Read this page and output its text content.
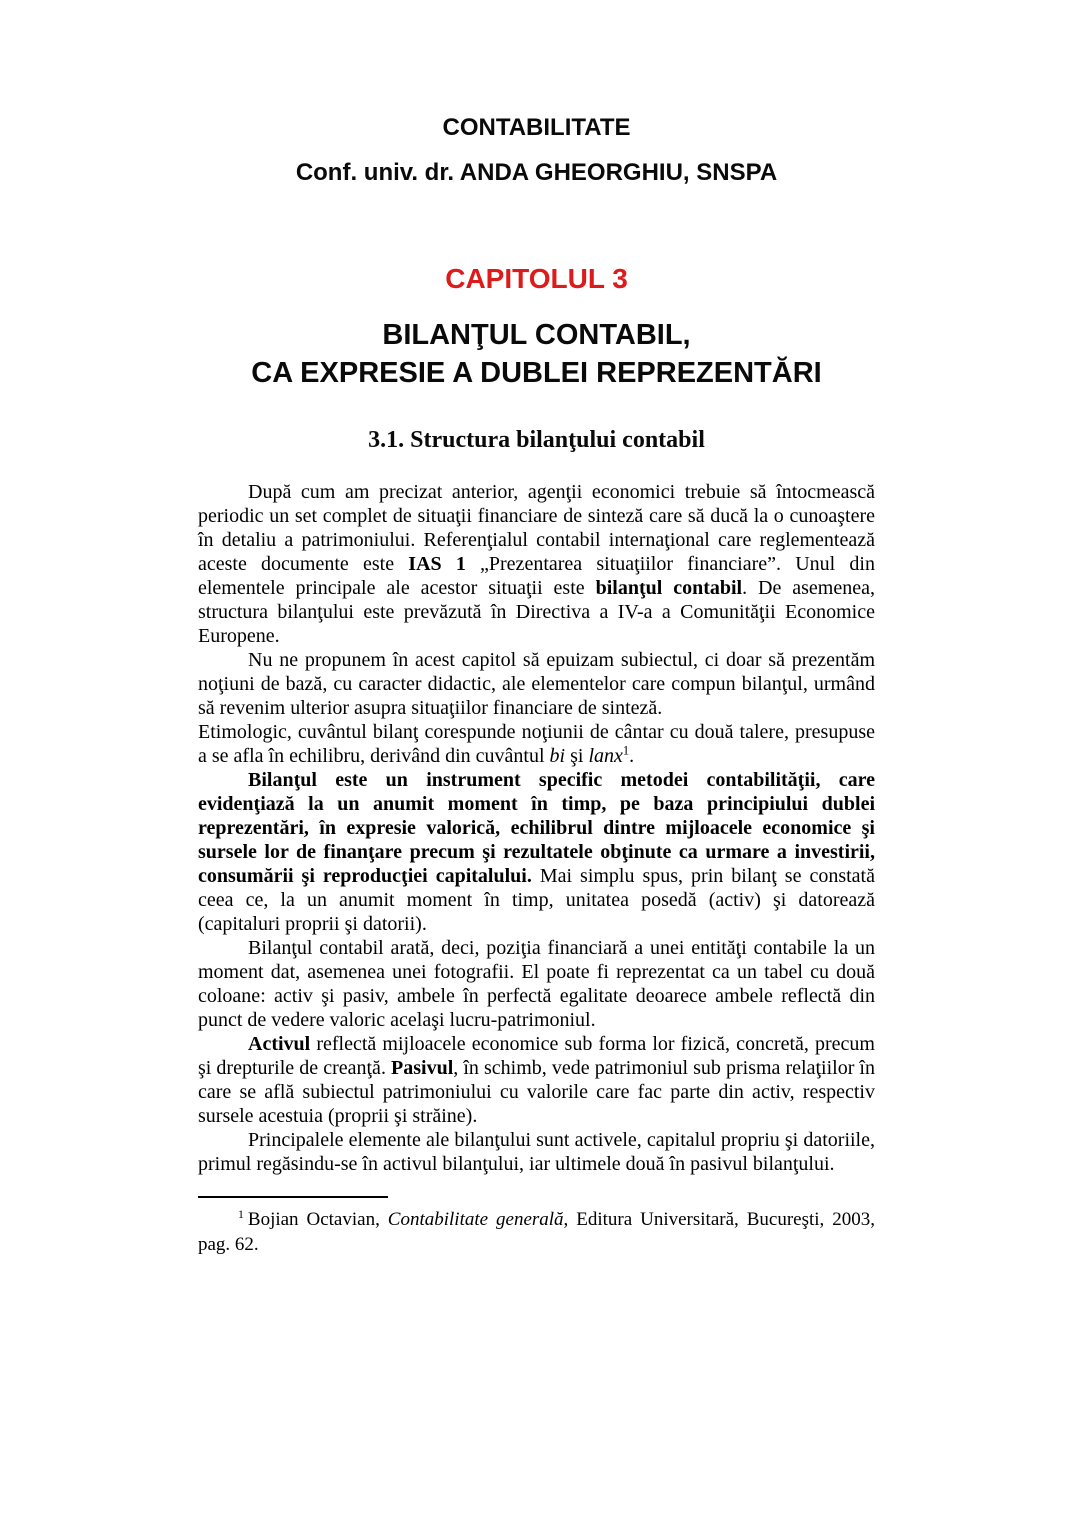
CONTABILITATE
Conf. univ. dr. ANDA GHEORGHIU, SNSPA
CAPITOLUL 3
BILANŢUL CONTABIL,
CA EXPRESIE A DUBLEI REPREZENTĂRI
3.1. Structura bilanţului contabil

După cum am precizat anterior, agenţii economici trebuie să întocmească periodic un set complet de situaţii financiare de sinteză care să ducă la o cunoaştere în detaliu a patrimoniului. Referenţialul contabil internaţional care reglementează aceste documente este IAS 1 „Prezentarea situaţiilor financiare”. Unul din elementele principale ale acestor situaţii este bilanţul contabil. De asemenea, structura bilanţului este prevăzută în Directiva a IV-a a Comunităţii Economice Europene.

Nu ne propunem în acest capitol să epuizam subiectul, ci doar să prezentăm noţiuni de bază, cu caracter didactic, ale elementelor care compun bilanţul, urmând să revenim ulterior asupra situaţiilor financiare de sinteză.

Etimologic, cuvântul bilanţ corespunde noţiunii de cântar cu două talere, presupuse a se afla în echilibru, derivând din cuvântul bi şi lanx$^1$.

Bilanţul este un instrument specific metodei contabilităţii, care evidenţiază la un anumit moment în timp, pe baza principiului dublei reprezentări, în expresie valorică, echilibrul dintre mijloacele economice şi sursele lor de finanţare precum şi rezultatele obţinute ca urmare a investirii, consumării şi reproducţiei capitalului. Mai simplu spus, prin bilanţ se constată ceea ce, la un anumit moment în timp, unitatea posedă (activ) şi datorează (capitaluri proprii şi datorii).

Bilanţul contabil arată, deci, poziţia financiară a unei entităţi contabile la un moment dat, asemenea unei fotografii. El poate fi reprezentat ca un tabel cu două coloane: activ şi pasiv, ambele în perfectă egalitate deoarece ambele reflectă din punct de vedere valoric acelaşi lucru-patrimoniul.

Activul reflectă mijloacele economice sub forma lor fizică, concretă, precum şi drepturile de creanţă. Pasivul, în schimb, vede patrimoniul sub prisma relaţiilor în care se află subiectul patrimoniului cu valorile care fac parte din activ, respectiv sursele acestuia (proprii şi străine).

Principalele elemente ale bilanţului sunt activele, capitalul propriu şi datoriile, primul regăsindu-se în activul bilanţului, iar ultimele două în pasivul bilanţului.

$^1$ Bojian Octavian, Contabilitate generală, Editura Universitară, Bucureşti, 2003, pag. 62.
